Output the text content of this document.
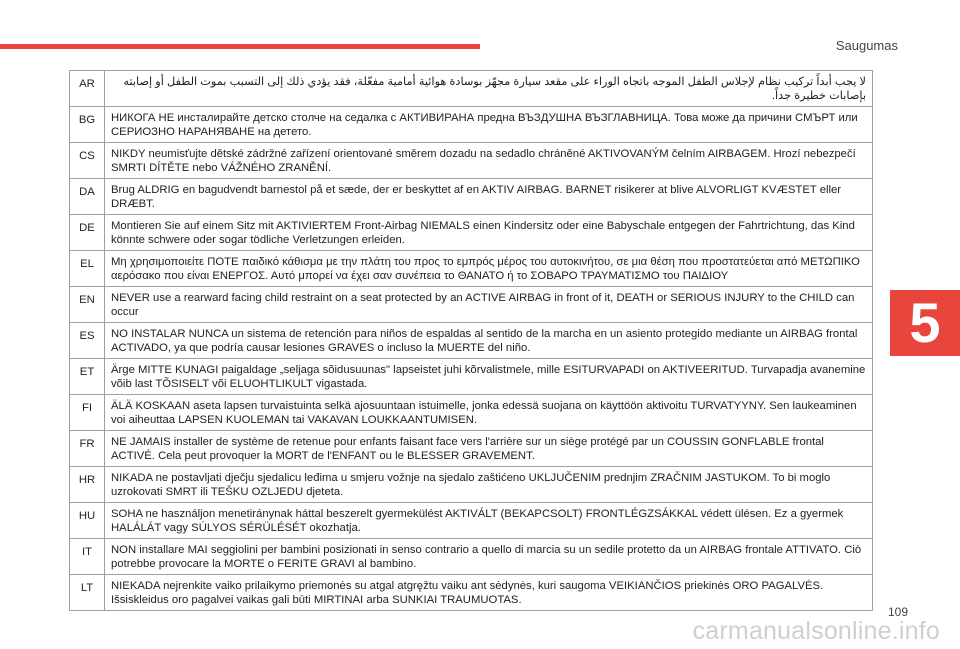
Saugumas
5
AR	لا يجب أبداً تركيب نظام لإجلاس الطفل الموجه باتجاه الوراء على مقعد سيارة مجهّز بوسادة هوائية أمامية مفعّلة، فقد يؤدي ذلك إلى التسبب بموت الطفل أو إصابته بإصابات خطيرة جداً.
BG	НИКОГА НЕ инсталирайте детско столче на седалка с АКТИВИРАНА предна ВЪЗДУШНА ВЪЗГЛАВНИЦА. Това може да причини СМЪРТ или СЕРИОЗНО НАРАНЯВАНЕ на детето.
CS	NIKDY neumisťujte dětské zádržné zařízení orientované směrem dozadu na sedadlo chráněné AKTIVOVANÝM čelním AIRBAGEM. Hrozí nebezpečí SMRTI DÍTĚTE nebo VÁŽNÉHO ZRANĚNÍ.
DA	Brug ALDRIG en bagudvendt barnestol på et sæde, der er beskyttet af en AKTIV AIRBAG. BARNET risikerer at blive ALVORLIGT KVÆSTET eller DRÆBT.
DE	Montieren Sie auf einem Sitz mit AKTIVIERTEM Front-Airbag NIEMALS einen Kindersitz oder eine Babyschale entgegen der Fahrtrichtung, das Kind könnte schwere oder sogar tödliche Verletzungen erleiden.
EL	Μη χρησιμοποιείτε ΠΟΤΕ παιδικό κάθισμα με την πλάτη του προς το εμπρός μέρος του αυτοκινήτου, σε μια θέση που προστατεύεται από ΜΕΤΩΠΙΚΟ αερόσακο που είναι ΕΝΕΡΓΟΣ. Αυτό μπορεί να έχει σαν συνέπεια το ΘΑΝΑΤΟ ή το ΣΟΒΑΡΟ ΤΡΑΥΜΑΤΙΣΜΟ του ΠΑΙΔΙΟΥ
EN	NEVER use a rearward facing child restraint on a seat protected by an ACTIVE AIRBAG in front of it, DEATH or SERIOUS INJURY to the CHILD can occur
ES	NO INSTALAR NUNCA un sistema de retención para niños de espaldas al sentido de la marcha en un asiento protegido mediante un AIRBAG frontal ACTIVADO, ya que podría causar lesiones GRAVES o incluso la MUERTE del niño.
ET	Ärge MITTE KUNAGI paigaldage „seljaga sõidusuunas" lapseistet juhi kõrvalistmele, mille ESITURVAPADI on AKTIVEERITUD. Turvapadja avanemine võib last TÕSISELT või ELUOHTLIKULT vigastada.
FI	ÄLÄ KOSKAAN aseta lapsen turvaistuinta selkä ajosuuntaan istuimelle, jonka edessä suojana on käyttöön aktivoitu TURVATYYNY. Sen laukeaminen voi aiheuttaa LAPSEN KUOLEMAN tai VAKAVAN LOUKKAANTUMISEN.
FR	NE JAMAIS installer de système de retenue pour enfants faisant face vers l'arrière sur un siège protégé par un COUSSIN GONFLABLE frontal ACTIVÉ. Cela peut provoquer la MORT de l'ENFANT ou le BLESSER GRAVEMENT.
HR	NIKADA ne postavljati dječju sjedalicu leđima u smjeru vožnje na sjedalo zaštićeno UKLJUČENIM prednjim ZRAČNIM JASTUKOM. To bi moglo uzrokovati SMRT ili TEŠKU OZLJEDU djeteta.
HU	SOHA ne használjon menetiránynak háttal beszerelt gyermekülést AKTIVÁLT (BEKAPCSOLT) FRONTLÉGZSÁKKAL védett ülésen. Ez a gyermek HALÁLÁT vagy SÚLYOS SÉRÜLÉSÉT okozhatja.
IT	NON installare MAI seggiolini per bambini posizionati in senso contrario a quello di marcia su un sedile protetto da un AIRBAG frontale ATTIVATO. Ciò potrebbe provocare la MORTE o FERITE GRAVI al bambino.
LT	NIEKADA nejrenkite vaiko prilaikymo priemonės su atgal atgręžtu vaiku ant sėdynės, kuri saugoma VEIKIANČIOS priekinės ORO PAGALVĖS. Išsiskleidus oro pagalvei vaikas gali būti MIRTINAI arba SUNKIAI TRAUMUOTAS.
109
carmanualsonline.info
